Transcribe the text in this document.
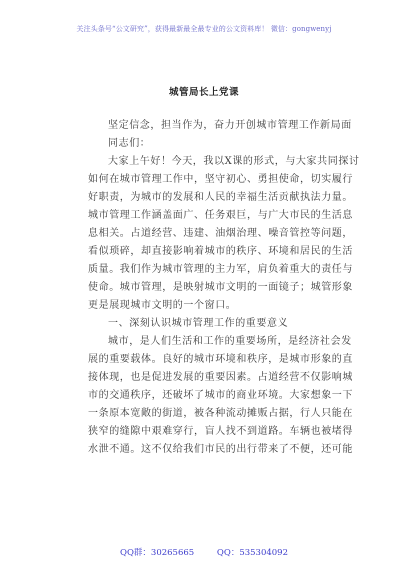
关注头条号“公文研究”，获得最新最全最专业的公文资料库！ 微信：gongwenyj
城管局长上党课
坚定信念，担当作为，奋力开创城市管理工作新局面
同志们：
大家上午好！今天，我以X课的形式，与大家共同探讨
如何在城市管理工作中，坚守初心、勇担使命，切实履行
好职责，为城市的发展和人民的幸福生活贡献执法力量。
城市管理工作涵盖面广、任务艰巨，与广大市民的生活息
息相关。占道经营、违建、油烟治理、噪音管控等问题，
看似琐碎，却直接影响着城市的秩序、环境和居民的生活
质量。我们作为城市管理的主力军，肩负着重大的责任与
使命。城市管理，是映射城市文明的一面镜子；城管形象
更是展现城市文明的一个窗口。
一、深刻认识城市管理工作的重要意义
城市，是人们生活和工作的重要场所，是经济社会发
展的重要载体。良好的城市环境和秩序，是城市形象的直
接体现，也是促进发展的重要因素。占道经营不仅影响城
市的交通秩序，还破坏了城市的商业环境。大家想象一下
一条原本宽敞的街道，被各种流动摊贩占据，行人只能在
狭窄的缝隙中艰难穿行，盲人找不到道路。车辆也被堵得
水泄不通。这不仅给我们市民的出行带来了不便，还可能
QQ群：30265665	QQ：535304092
